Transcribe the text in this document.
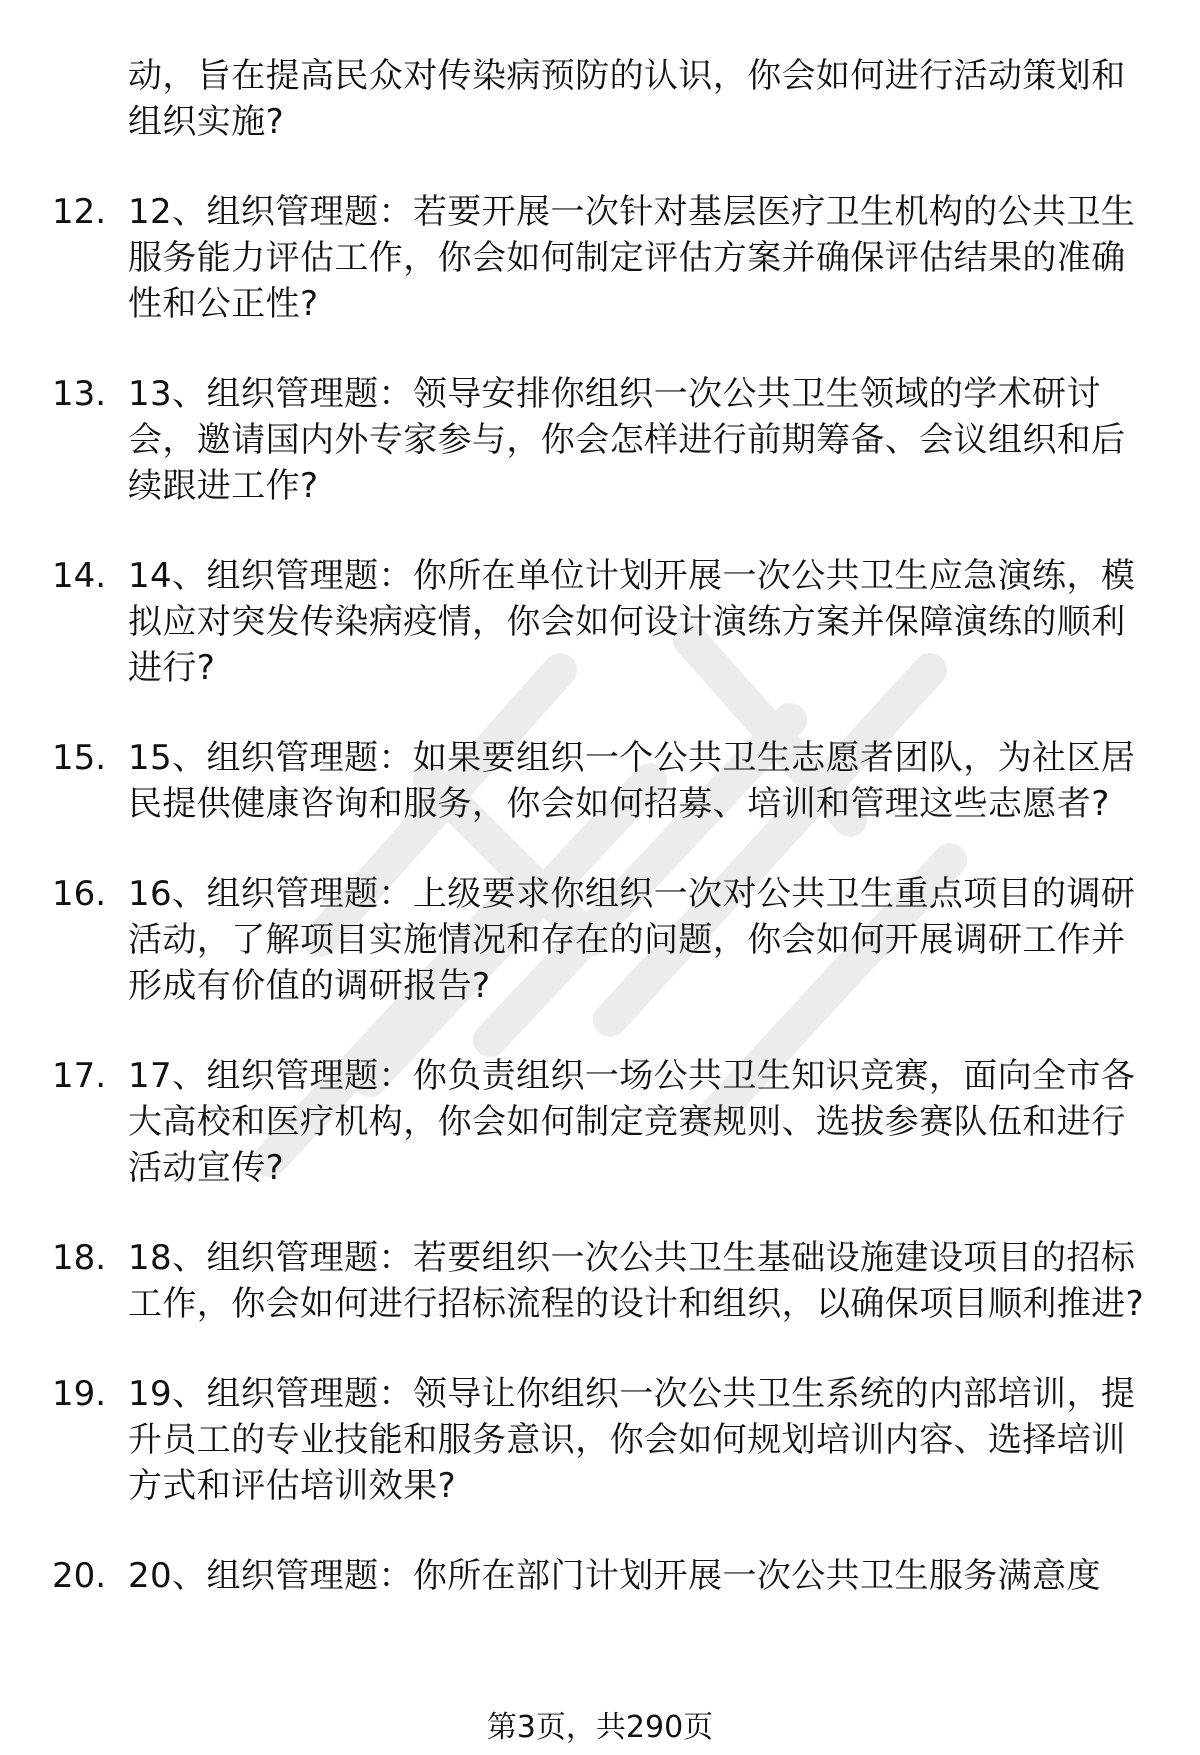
动，旨在提高民众对传染病预防的认识，你会如何进行活动策划和组织实施?
12. 12、组织管理题：若要开展一次针对基层医疗卫生机构的公共卫生服务能力评估工作，你会如何制定评估方案并确保评估结果的准确性和公正性?
13. 13、组织管理题：领导安排你组织一次公共卫生领域的学术研讨会，邀请国内外专家参与，你会怎样进行前期筹备、会议组织和后续跟进工作?
14. 14、组织管理题：你所在单位计划开展一次公共卫生应急演练，模拟应对突发传染病疫情，你会如何设计演练方案并保障演练的顺利进行?
15. 15、组织管理题：如果要组织一个公共卫生志愿者团队，为社区居民提供健康咨询和服务，你会如何招募、培训和管理这些志愿者?
16. 16、组织管理题：上级要求你组织一次对公共卫生重点项目的调研活动，了解项目实施情况和存在的问题，你会如何开展调研工作并形成有价值的调研报告?
17. 17、组织管理题：你负责组织一场公共卫生知识竞赛，面向全市各大高校和医疗机构，你会如何制定竞赛规则、选拔参赛队伍和进行活动宣传?
18. 18、组织管理题：若要组织一次公共卫生基础设施建设项目的招标工作，你会如何进行招标流程的设计和组织，以确保项目顺利推进?
19. 19、组织管理题：领导让你组织一次公共卫生系统的内部培训，提升员工的专业技能和服务意识，你会如何规划培训内容、选择培训方式和评估培训效果?
20. 20、组织管理题：你所在部门计划开展一次公共卫生服务满意度
第3页，共290页
